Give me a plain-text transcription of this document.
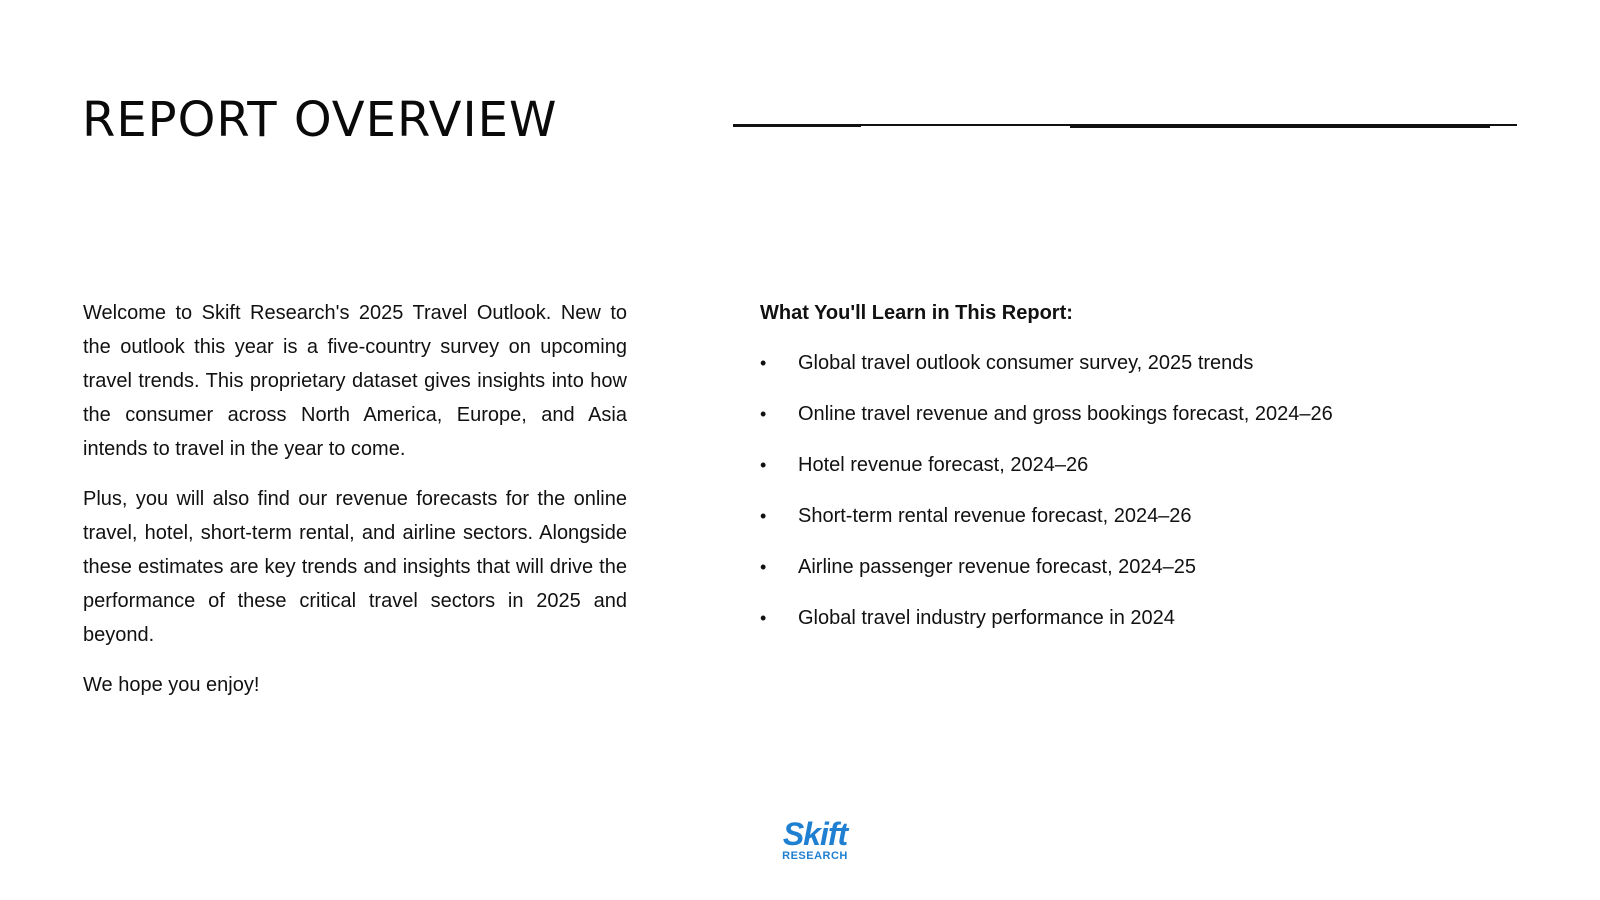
REPORT OVERVIEW

Welcome to Skift Research's 2025 Travel Outlook. New to the outlook this year is a five-country survey on upcoming travel trends. This proprietary dataset gives insights into how the consumer across North America, Europe, and Asia intends to travel in the year to come.

Plus, you will also find our revenue forecasts for the online travel, hotel, short-term rental, and airline sectors. Alongside these estimates are key trends and insights that will drive the performance of these critical travel sectors in 2025 and beyond.

We hope you enjoy!

What You'll Learn in This Report:
•	Global travel outlook consumer survey, 2025 trends
•	Online travel revenue and gross bookings forecast, 2024–26
•	Hotel revenue forecast, 2024–26
•	Short-term rental revenue forecast, 2024–26
•	Airline passenger revenue forecast, 2024–25
•	Global travel industry performance in 2024
Skift
RESEARCH
